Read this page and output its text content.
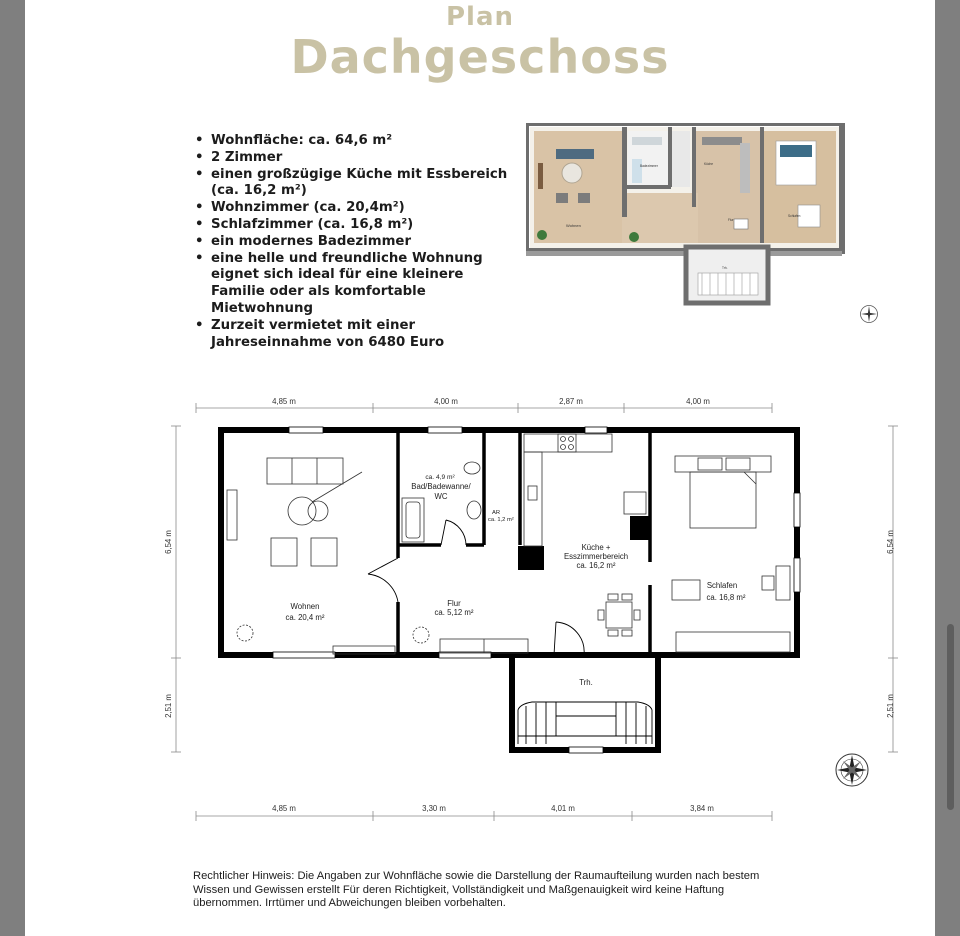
Plan
Dachgeschoss
• Wohnfläche: ca. 64,6 m²
• 2 Zimmer
• einen großzügige Küche mit Essbereich (ca. 16,2 m²)
• Wohnzimmer (ca. 20,4m²)
• Schlafzimmer (ca. 16,8 m²)
• ein modernes Badezimmer
• eine helle und freundliche Wohnung eignet sich ideal für eine kleinere Familie oder als komfortable Mietwohnung
• Zurzeit vermietet mit einer Jahreseinnahme von 6480 Euro
Wohnen
Badezimmer	Küche
Flur
Schlafen
Trh.
4,85 m	4,00 m	2,87 m	4,00 m
4,85 m	3,30 m	4,01 m	3,84 m
6,54 m
2,51 m
6,54 m
2,51 m
Wohnen
ca. 20,4 m²
ca. 4,9 m²
Bad/Badewanne/
WC
AR
ca. 1,2 m²
Küche +
Esszimmerbereich
ca. 16,2 m²
Flur
ca. 5,12 m²
Schlafen
ca. 16,8 m²
Trh.

Rechtlicher Hinweis: Die Angaben zur Wohnfläche sowie die Darstellung der Raumaufteilung wurden nach bestem Wissen und Gewissen erstellt Für deren Richtigkeit, Vollständigkeit und Maßgenauigkeit wird keine Haftung übernommen. Irrtümer und Abweichungen bleiben vorbehalten.
